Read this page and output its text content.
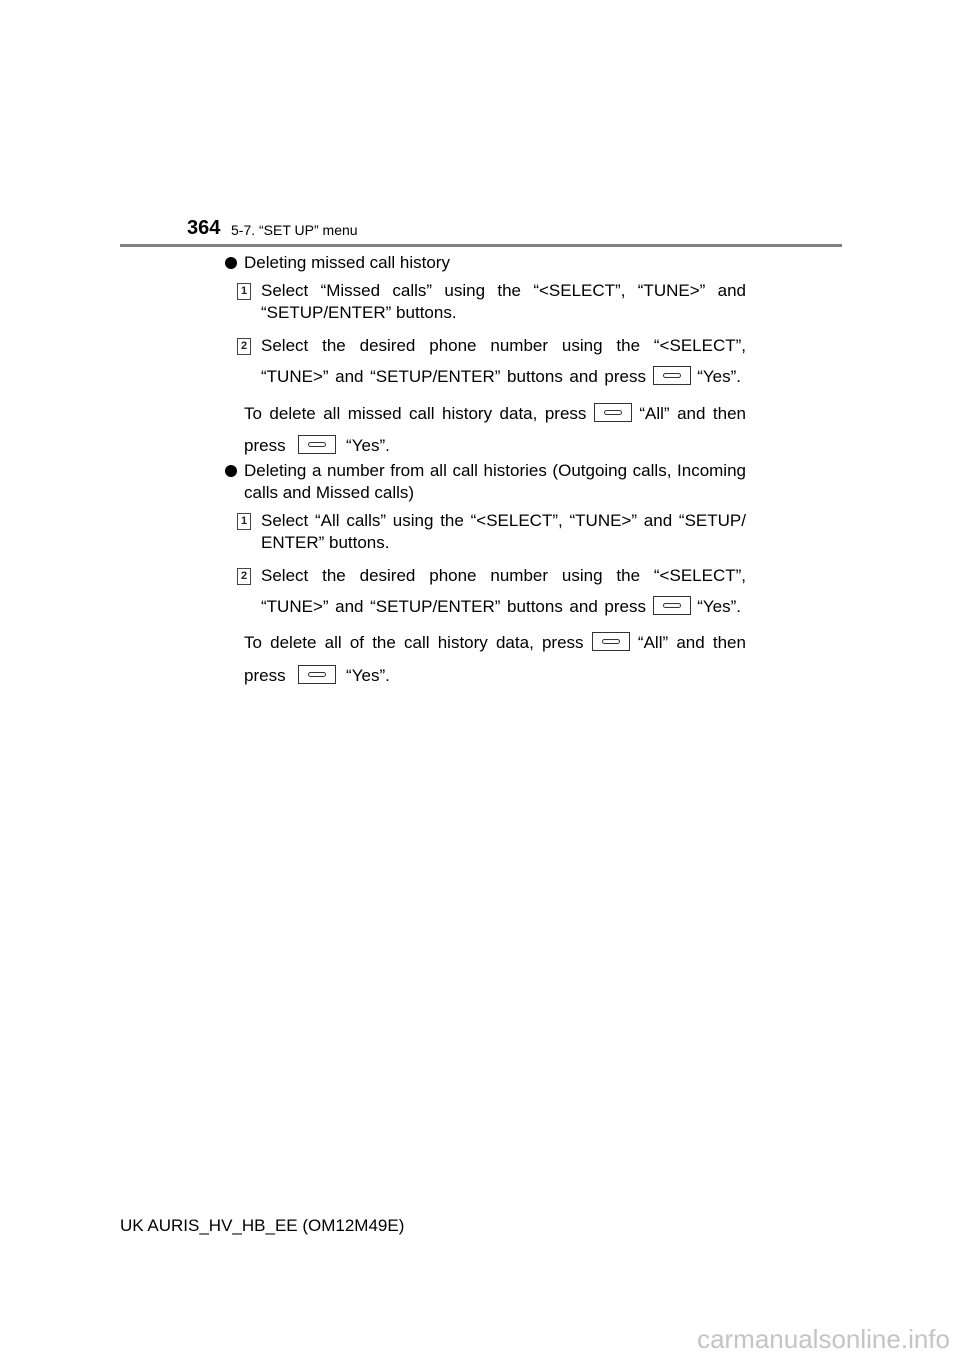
364 5-7. “SET UP” menu
Deleting missed call history
1 Select “Missed calls” using the “<SELECT”, “TUNE>” and
“SETUP/ENTER” buttons.
2 Select the desired phone number using the “<SELECT”,
“TUNE>” and “SETUP/ENTER” buttons and press	“Yes”.
To delete all missed call history data, press	“All” and then
press	“Yes”.
Deleting a number from all call histories (Outgoing calls, Incoming
calls and Missed calls)
1 Select “All calls” using the “<SELECT”, “TUNE>” and “SETUP/
ENTER” buttons.
2 Select the desired phone number using the “<SELECT”,
“TUNE>” and “SETUP/ENTER” buttons and press	“Yes”.
To delete all of the call history data, press	“All” and then
press	“Yes”.
UK AURIS_HV_HB_EE (OM12M49E)
carmanualsonline.info
